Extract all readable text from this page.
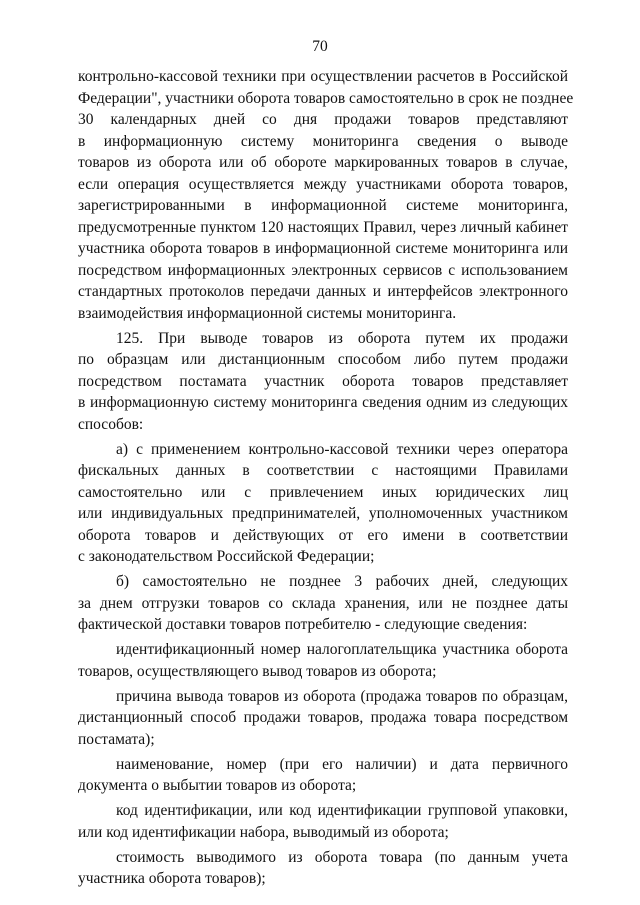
70
контрольно-кассовой техники при осуществлении расчетов в Российской
Федерации", участники оборота товаров самостоятельно в срок не позднее
30 календарных дней со дня продажи товаров представляют
в информационную систему мониторинга сведения о выводе
товаров из оборота или об обороте маркированных товаров в случае,
если операция осуществляется между участниками оборота товаров,
зарегистрированными в информационной системе мониторинга,
предусмотренные пунктом 120 настоящих Правил, через личный кабинет
участника оборота товаров в информационной системе мониторинга или
посредством информационных электронных сервисов с использованием
стандартных протоколов передачи данных и интерфейсов электронного
взаимодействия информационной системы мониторинга.
125. При выводе товаров из оборота путем их продажи
по образцам или дистанционным способом либо путем продажи
посредством постамата участник оборота товаров представляет
в информационную систему мониторинга сведения одним из следующих
способов:
а) с применением контрольно-кассовой техники через оператора
фискальных данных в соответствии с настоящими Правилами
самостоятельно или с привлечением иных юридических лиц
или индивидуальных предпринимателей, уполномоченных участником
оборота товаров и действующих от его имени в соответствии
с законодательством Российской Федерации;
б) самостоятельно не позднее 3 рабочих дней, следующих
за днем отгрузки товаров со склада хранения, или не позднее даты
фактической доставки товаров потребителю - следующие сведения:
идентификационный номер налогоплательщика участника оборота
товаров, осуществляющего вывод товаров из оборота;
причина вывода товаров из оборота (продажа товаров по образцам,
дистанционный способ продажи товаров, продажа товара посредством
постамата);
наименование, номер (при его наличии) и дата первичного
документа о выбытии товаров из оборота;
код идентификации, или код идентификации групповой упаковки,
или код идентификации набора, выводимый из оборота;
стоимость выводимого из оборота товара (по данным учета
участника оборота товаров);
